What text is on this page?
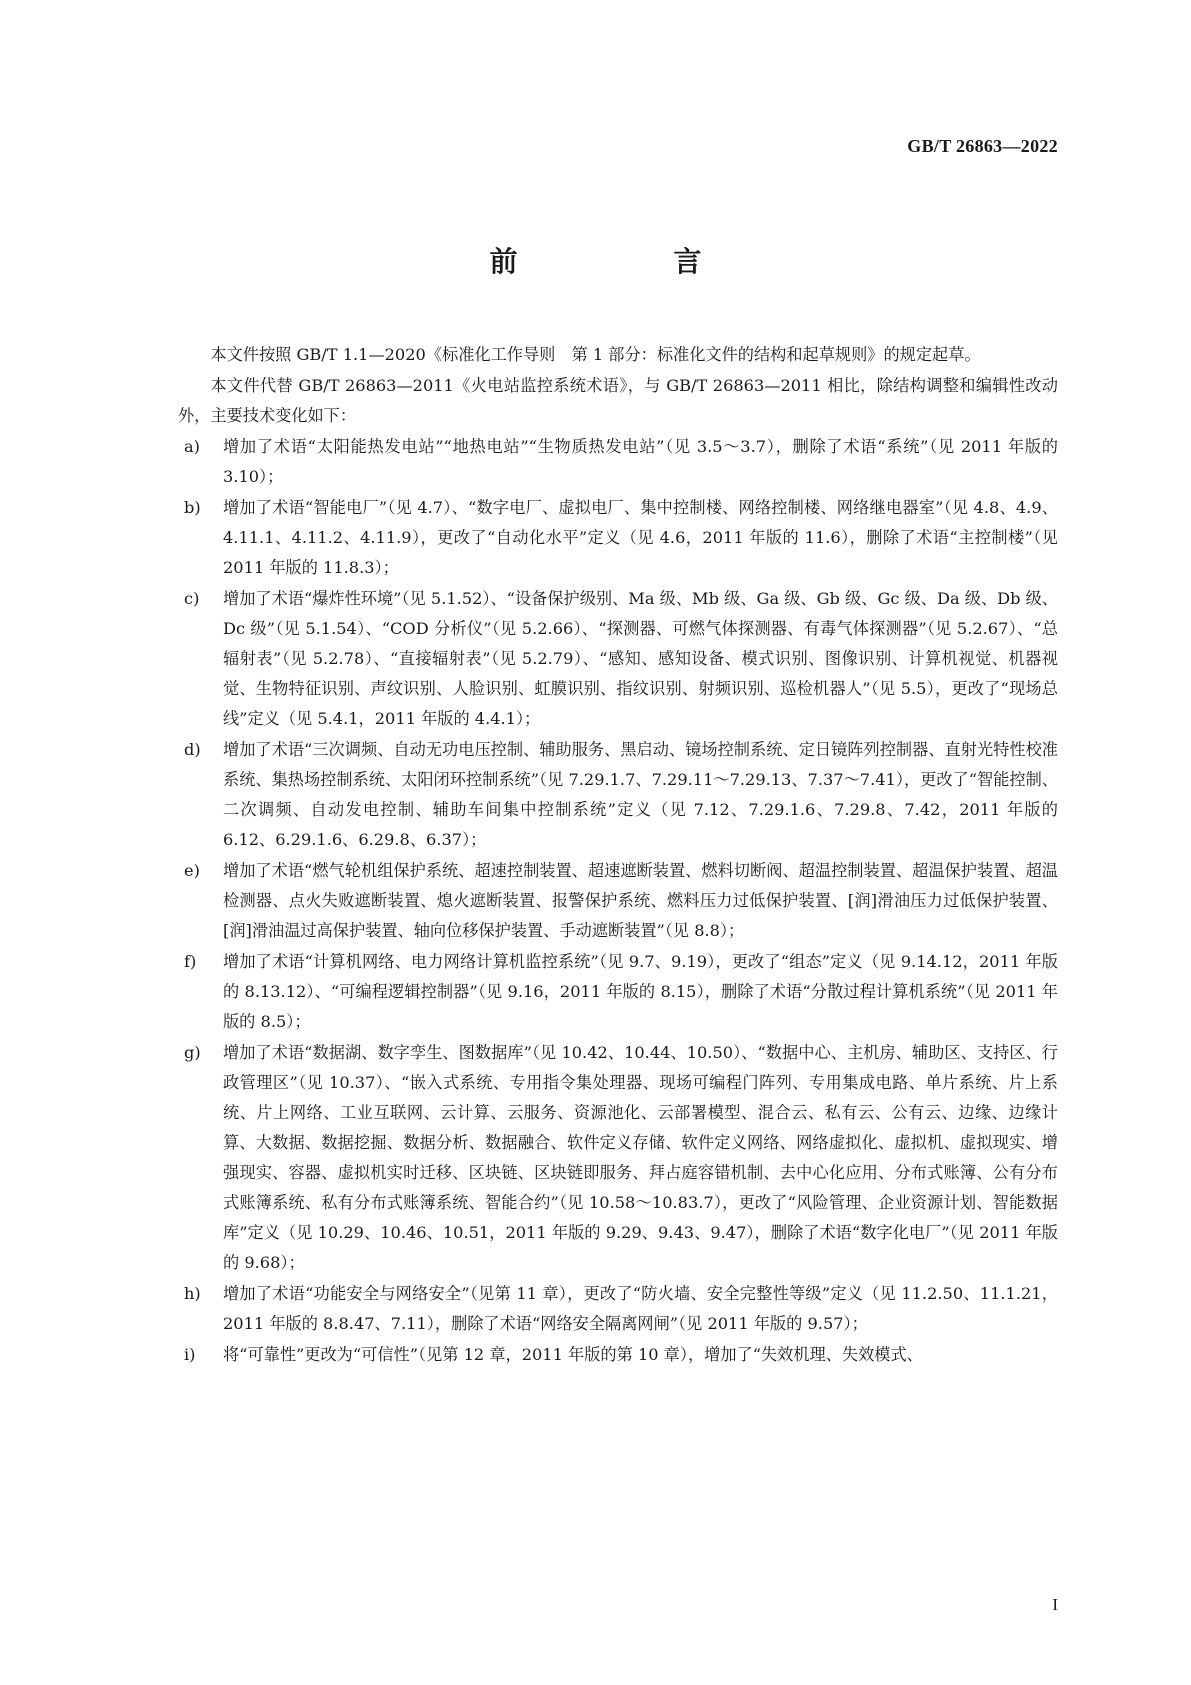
GB/T 26863—2022
前　言

本文件按照 GB/T 1.1—2020《标准化工作导则　第 1 部分：标准化文件的结构和起草规则》的规定起草。

本文件代替 GB/T 26863—2011《火电站监控系统术语》，与 GB/T 26863—2011 相比，除结构调整和编辑性改动外，主要技术变化如下：

a)	增加了术语“太阳能热发电站”“地热电站”“生物质热发电站”（见 3.5～3.7），删除了术语“系统”（见 2011 年版的 3.10）；
b)	增加了术语“智能电厂”（见 4.7）、“数字电厂、虚拟电厂、集中控制楼、网络控制楼、网络继电器室”（见 4.8、4.9、4.11.1、4.11.2、4.11.9），更改了“自动化水平”定义（见 4.6，2011 年版的 11.6），删除了术语“主控制楼”（见 2011 年版的 11.8.3）；
c)	增加了术语“爆炸性环境”（见 5.1.52）、“设备保护级别、Ma 级、Mb 级、Ga 级、Gb 级、Gc 级、Da 级、Db 级、Dc 级”（见 5.1.54）、“COD 分析仪”（见 5.2.66）、“探测器、可燃气体探测器、有毒气体探测器”（见 5.2.67）、“总辐射表”（见 5.2.78）、“直接辐射表”（见 5.2.79）、“感知、感知设备、模式识别、图像识别、计算机视觉、机器视觉、生物特征识别、声纹识别、人脸识别、虹膜识别、指纹识别、射频识别、巡检机器人”（见 5.5），更改了“现场总线”定义（见 5.4.1，2011 年版的 4.4.1）；
d)	增加了术语“三次调频、自动无功电压控制、辅助服务、黑启动、镜场控制系统、定日镜阵列控制器、直射光特性校准系统、集热场控制系统、太阳闭环控制系统”（见 7.29.1.7、7.29.11～7.29.13、7.37～7.41），更改了“智能控制、二次调频、自动发电控制、辅助车间集中控制系统”定义（见 7.12、7.29.1.6、7.29.8、7.42，2011 年版的 6.12、6.29.1.6、6.29.8、6.37）；
e)	增加了术语“燃气轮机组保护系统、超速控制装置、超速遮断装置、燃料切断阀、超温控制装置、超温保护装置、超温检测器、点火失败遮断装置、熄火遮断装置、报警保护系统、燃料压力过低保护装置、[润]滑油压力过低保护装置、[润]滑油温过高保护装置、轴向位移保护装置、手动遮断装置”（见 8.8）；
f)	增加了术语“计算机网络、电力网络计算机监控系统”（见 9.7、9.19），更改了“组态”定义（见 9.14.12，2011 年版的 8.13.12）、“可编程逻辑控制器”（见 9.16，2011 年版的 8.15），删除了术语“分散过程计算机系统”（见 2011 年版的 8.5）；
g)	增加了术语“数据湖、数字孪生、图数据库”（见 10.42、10.44、10.50）、“数据中心、主机房、辅助区、支持区、行政管理区”（见 10.37）、“嵌入式系统、专用指令集处理器、现场可编程门阵列、专用集成电路、单片系统、片上系统、片上网络、工业互联网、云计算、云服务、资源池化、云部署模型、混合云、私有云、公有云、边缘、边缘计算、大数据、数据挖掘、数据分析、数据融合、软件定义存储、软件定义网络、网络虚拟化、虚拟机、虚拟现实、增强现实、容器、虚拟机实时迁移、区块链、区块链即服务、拜占庭容错机制、去中心化应用、分布式账簿、公有分布式账簿系统、私有分布式账簿系统、智能合约”（见 10.58～10.83.7），更改了“风险管理、企业资源计划、智能数据库”定义（见 10.29、10.46、10.51，2011 年版的 9.29、9.43、9.47），删除了术语“数字化电厂”（见 2011 年版的 9.68）；
h)	增加了术语“功能安全与网络安全”（见第 11 章），更改了“防火墙、安全完整性等级”定义（见 11.2.50、11.1.21，2011 年版的 8.8.47、7.11），删除了术语“网络安全隔离网闸”（见 2011 年版的 9.57）；
i)	将“可靠性”更改为“可信性”（见第 12 章，2011 年版的第 10 章），增加了“失效机理、失效模式、
I
